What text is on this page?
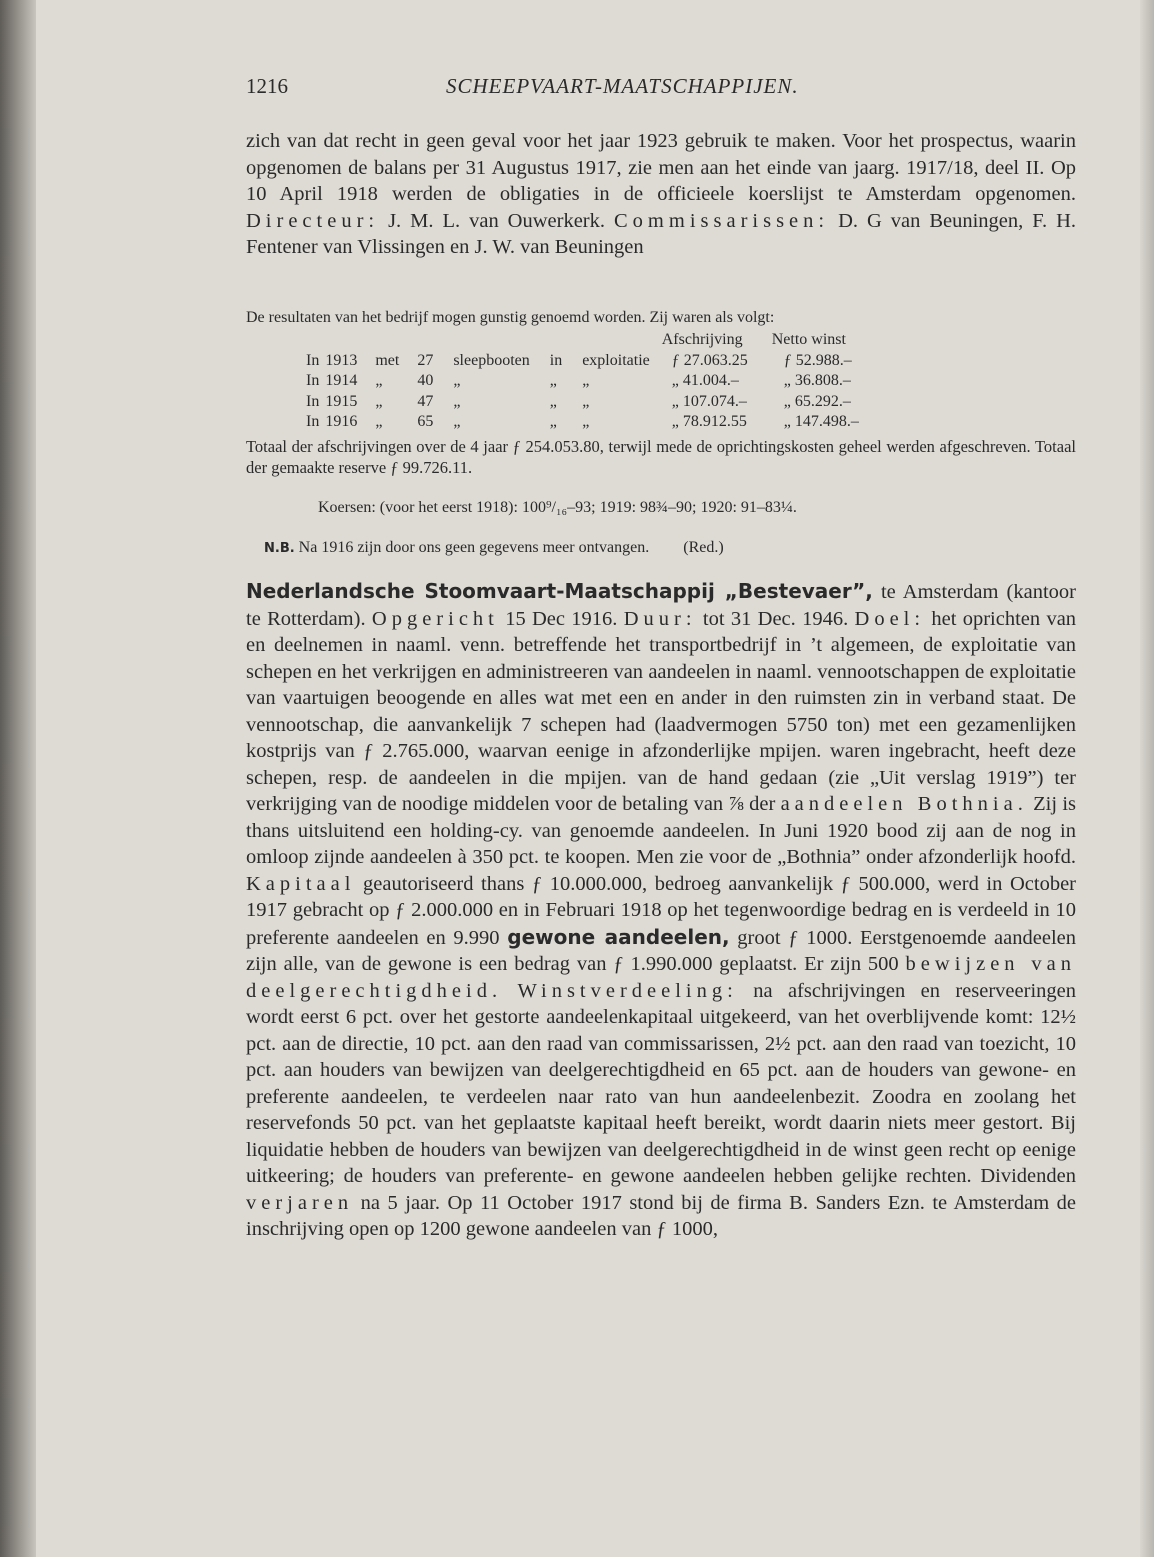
1216	SCHEEPVAART-MAATSCHAPPIJEN.

zich van dat recht in geen geval voor het jaar 1923 gebruik te maken. Voor het prospectus, waarin opgenomen de balans per 31 Augustus 1917, zie men aan het einde van jaarg. 1917/18, deel II. Op 10 April 1918 werden de obligaties in de officieele koerslijst te Amsterdam opgenomen. Directeur: J. M. L. van Ouwerkerk. Commissarissen: D. G van Beuningen, F. H. Fentener van Vlissingen en J. W. van Beuningen

De resultaten van het bedrijf mogen gunstig genoemd worden. Zij waren als volgt:

							Afschrijving	Netto winst
In	1913	met	27	sleepbooten	in	exploitatie	ƒ 27.063.25	ƒ 52.988.–
In	1914	„	40	„	„	„	„ 41.004.–	„ 36.808.–
In	1915	„	47	„	„	„	„ 107.074.–	„ 65.292.–
In	1916	„	65	„	„	„	„ 78.912.55	„ 147.498.–

Totaal der afschrijvingen over de 4 jaar ƒ 254.053.80, terwijl mede de oprichtingskosten geheel werden afgeschreven. Totaal der gemaakte reserve ƒ 99.726.11.

Koersen: (voor het eerst 1918): 100⁹/₁₆–93; 1919: 98¾–90; 1920: 91–83¼.

N.B. Na 1916 zijn door ons geen gegevens meer ontvangen. (Red.)

Nederlandsche Stoomvaart-Maatschappij „Bestevaer”, te Amsterdam (kantoor te Rotterdam). Opgericht 15 Dec 1916. Duur: tot 31 Dec. 1946. Doel: het oprichten van en deelnemen in naaml. venn. betreffende het transportbedrijf in ’t algemeen, de exploitatie van schepen en het verkrijgen en administreeren van aandeelen in naaml. vennootschappen de exploitatie van vaartuigen beoogende en alles wat met een en ander in den ruimsten zin in verband staat. De vennootschap, die aanvankelijk 7 schepen had (laadvermogen 5750 ton) met een gezamenlijken kostprijs van ƒ 2.765.000, waarvan eenige in afzonderlijke mpijen. waren ingebracht, heeft deze schepen, resp. de aandeelen in die mpijen. van de hand gedaan (zie „Uit verslag 1919”) ter verkrijging van de noodige middelen voor de betaling van ⅞ der aandeelen Bothnia. Zij is thans uitsluitend een holding-cy. van genoemde aandeelen. In Juni 1920 bood zij aan de nog in omloop zijnde aandeelen à 350 pct. te koopen. Men zie voor de „Bothnia” onder afzonderlijk hoofd. Kapitaal geautoriseerd thans ƒ 10.000.000, bedroeg aanvankelijk ƒ 500.000, werd in October 1917 gebracht op ƒ 2.000.000 en in Februari 1918 op het tegenwoordige bedrag en is verdeeld in 10 preferente aandeelen en 9.990 gewone aandeelen, groot ƒ 1000. Eerstgenoemde aandeelen zijn alle, van de gewone is een bedrag van ƒ 1.990.000 geplaatst. Er zijn 500 bewijzen van deelgerechtigdheid. Winstverdeeling: na afschrijvingen en reserveeringen wordt eerst 6 pct. over het gestorte aandeelenkapitaal uitgekeerd, van het overblijvende komt: 12½ pct. aan de directie, 10 pct. aan den raad van commissarissen, 2½ pct. aan den raad van toezicht, 10 pct. aan houders van bewijzen van deelgerechtigdheid en 65 pct. aan de houders van gewone- en preferente aandeelen, te verdeelen naar rato van hun aandeelenbezit. Zoodra en zoolang het reservefonds 50 pct. van het geplaatste kapitaal heeft bereikt, wordt daarin niets meer gestort. Bij liquidatie hebben de houders van bewijzen van deelgerechtigdheid in de winst geen recht op eenige uitkeering; de houders van preferente- en gewone aandeelen hebben gelijke rechten. Dividenden verjaren na 5 jaar. Op 11 October 1917 stond bij de firma B. Sanders Ezn. te Amsterdam de inschrijving open op 1200 gewone aandeelen van ƒ 1000,
